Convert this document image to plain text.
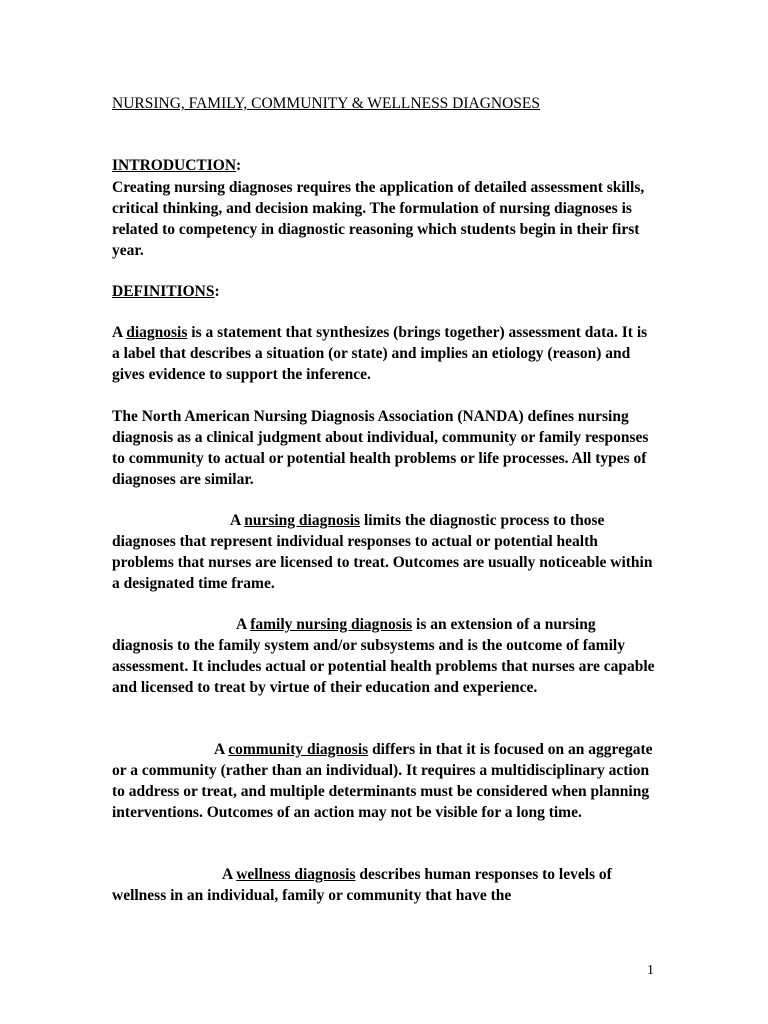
NURSING, FAMILY, COMMUNITY & WELLNESS DIAGNOSES
INTRODUCTION:

Creating nursing diagnoses requires the application of detailed assessment skills, critical thinking, and decision making. The formulation of nursing diagnoses is related to competency in diagnostic reasoning which students begin in their first year.

DEFINITIONS:

A diagnosis is a statement that synthesizes (brings together) assessment data. It is a label that describes a situation (or state) and implies an etiology (reason) and gives evidence to support the inference.

The North American Nursing Diagnosis Association (NANDA) defines nursing diagnosis as a clinical judgment about individual, community or family responses to community to actual or potential health problems or life processes. All types of diagnoses are similar.

A nursing diagnosis limits the diagnostic process to those diagnoses that represent individual responses to actual or potential health problems that nurses are licensed to treat. Outcomes are usually noticeable within a designated time frame.

A family nursing diagnosis is an extension of a nursing diagnosis to the family system and/or subsystems and is the outcome of family assessment. It includes actual or potential health problems that nurses are capable and licensed to treat by virtue of their education and experience.

A community diagnosis differs in that it is focused on an aggregate or a community (rather than an individual). It requires a multidisciplinary action to address or treat, and multiple determinants must be considered when planning interventions. Outcomes of an action may not be visible for a long time.

A wellness diagnosis describes human responses to levels of wellness in an individual, family or community that have the

1
